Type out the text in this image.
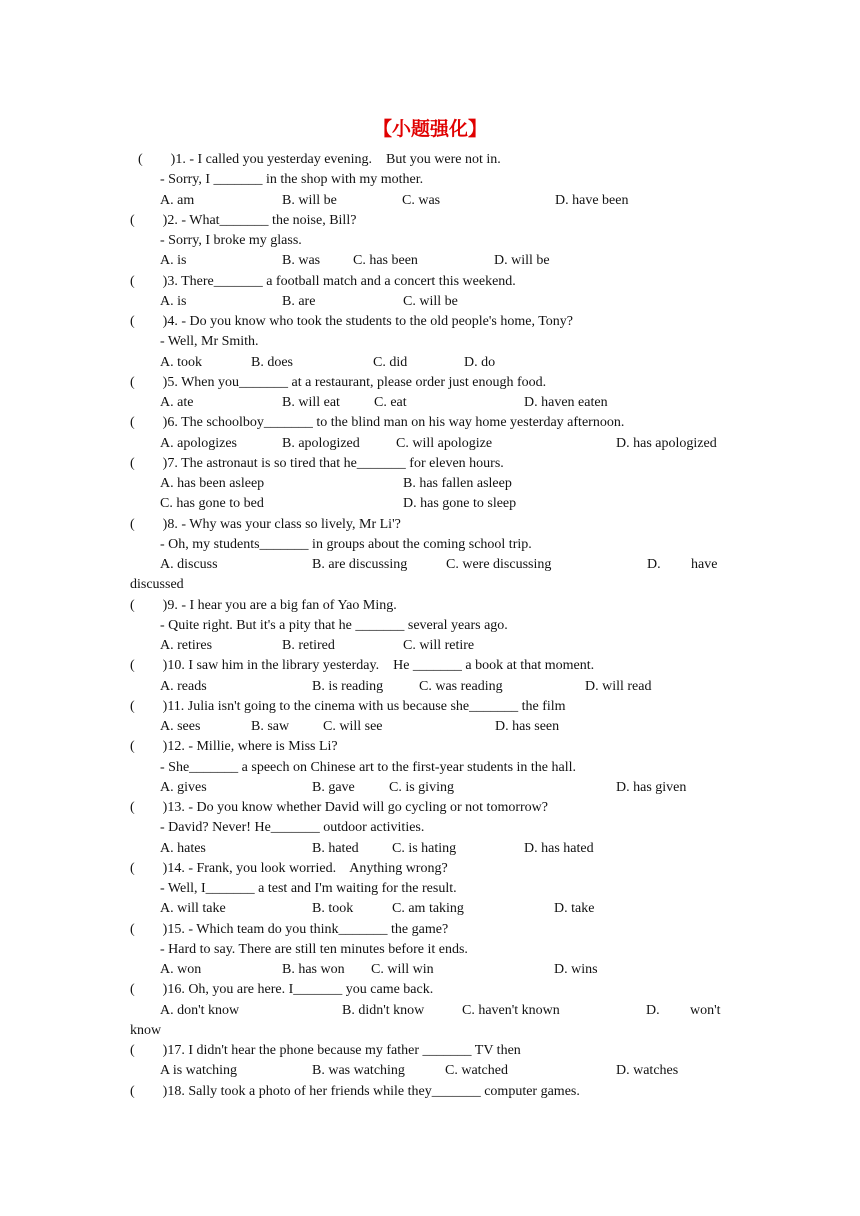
【小题强化】
(        )1. - I called you yesterday evening.    But you were not in.
- Sorry, I _______ in the shop with my mother.
A. am	B. will be	C. was	D. have been
(        )2. - What_______ the noise, Bill?
- Sorry, I broke my glass.
A. is	B. was C. has been	D. will be
(        )3. There_______ a football match and a concert this weekend.
A. is	B. are	C. will be
(        )4. - Do you know who took the students to the old people's home, Tony?
- Well, Mr Smith.
A. took	B. does	C. did	D. do
(        )5. When you_______ at a restaurant, please order just enough food.
A. ate	B. will eat C. eat	D. haven eaten
(        )6. The schoolboy_______ to the blind man on his way home yesterday afternoon.
A. apologizes	B. apologized	C. will apologize	D. has apologized
(        )7. The astronaut is so tired that he_______ for eleven hours.
A. has been asleep	B. has fallen asleep
C. has gone to bed	D. has gone to sleep
(        )8. - Why was your class so lively, Mr Li'?
- Oh, my students_______ in groups about the coming school trip.
A. discuss	B. are discussing	C. were discussing	D. have
discussed
(        )9. - I hear you are a big fan of Yao Ming.
- Quite right. But it's a pity that he _______ several years ago.
A. retires	B. retired	C. will retire
(        )10. I saw him in the library yesterday.    He _______ a book at that moment.
A. reads	B. is reading	C. was reading	D. will read
(        )11. Julia isn't going to the cinema with us because she_______ the film
A. sees	B. saw C. will see	D. has seen
(        )12. - Millie, where is Miss Li?
- She_______ a speech on Chinese art to the first-year students in the hall.
A. gives	B. gave C. is giving	D. has given
(        )13. - Do you know whether David will go cycling or not tomorrow?
- David? Never! He_______ outdoor activities.
A. hates	B. hated C. is hating	D. has hated
(        )14. - Frank, you look worried.    Anything wrong?
- Well, I_______ a test and I'm waiting for the result.
A. will take	B. took	C. am taking	D. take
(        )15. - Which team do you think_______ the game?
- Hard to say. There are still ten minutes before it ends.
A. won	B. has won C. will win	D. wins
(        )16. Oh, you are here. I_______ you came back.
A. don't know	B. didn't know	C. haven't known	D. won't
know
(        )17. I didn't hear the phone because my father _______ TV then
A is watching	B. was watching	C. watched	D. watches
(        )18. Sally took a photo of her friends while they_______ computer games.
